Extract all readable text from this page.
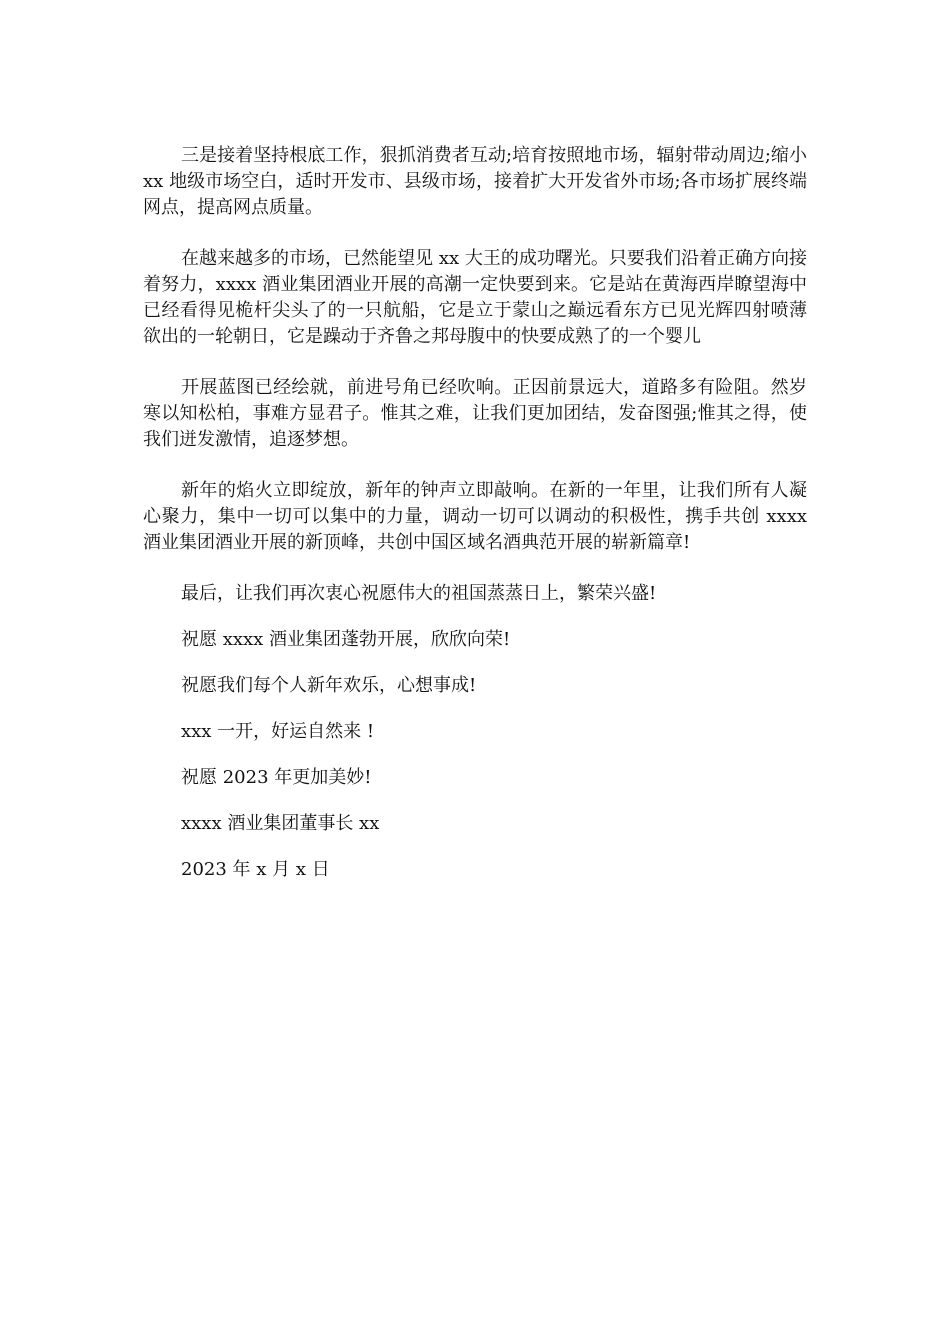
三是接着坚持根底工作，狠抓消费者互动;培育按照地市场，辐射带动周边;缩小 xx 地级市场空白，适时开发市、县级市场，接着扩大开发省外市场;各市场扩展终端网点，提高网点质量。

在越来越多的市场，已然能望见 xx 大王的成功曙光。只要我们沿着正确方向接着努力，xxxx 酒业集团酒业开展的高潮一定快要到来。它是站在黄海西岸瞭望海中已经看得见桅杆尖头了的一只航船，它是立于蒙山之巅远看东方已见光辉四射喷薄欲出的一轮朝日，它是躁动于齐鲁之邦母腹中的快要成熟了的一个婴儿

开展蓝图已经绘就，前进号角已经吹响。正因前景远大，道路多有险阻。然岁寒以知松柏，事难方显君子。惟其之难，让我们更加团结，发奋图强;惟其之得，使我们迸发激情，追逐梦想。

新年的焰火立即绽放，新年的钟声立即敲响。在新的一年里，让我们所有人凝心聚力，集中一切可以集中的力量，调动一切可以调动的积极性，携手共创 xxxx 酒业集团酒业开展的新顶峰，共创中国区域名酒典范开展的崭新篇章!

最后，让我们再次衷心祝愿伟大的祖国蒸蒸日上，繁荣兴盛!

祝愿 xxxx 酒业集团蓬勃开展，欣欣向荣!

祝愿我们每个人新年欢乐，心想事成!

xxx 一开，好运自然来 !

祝愿 2023 年更加美妙!

xxxx 酒业集团董事长 xx

2023 年 x 月 x 日
